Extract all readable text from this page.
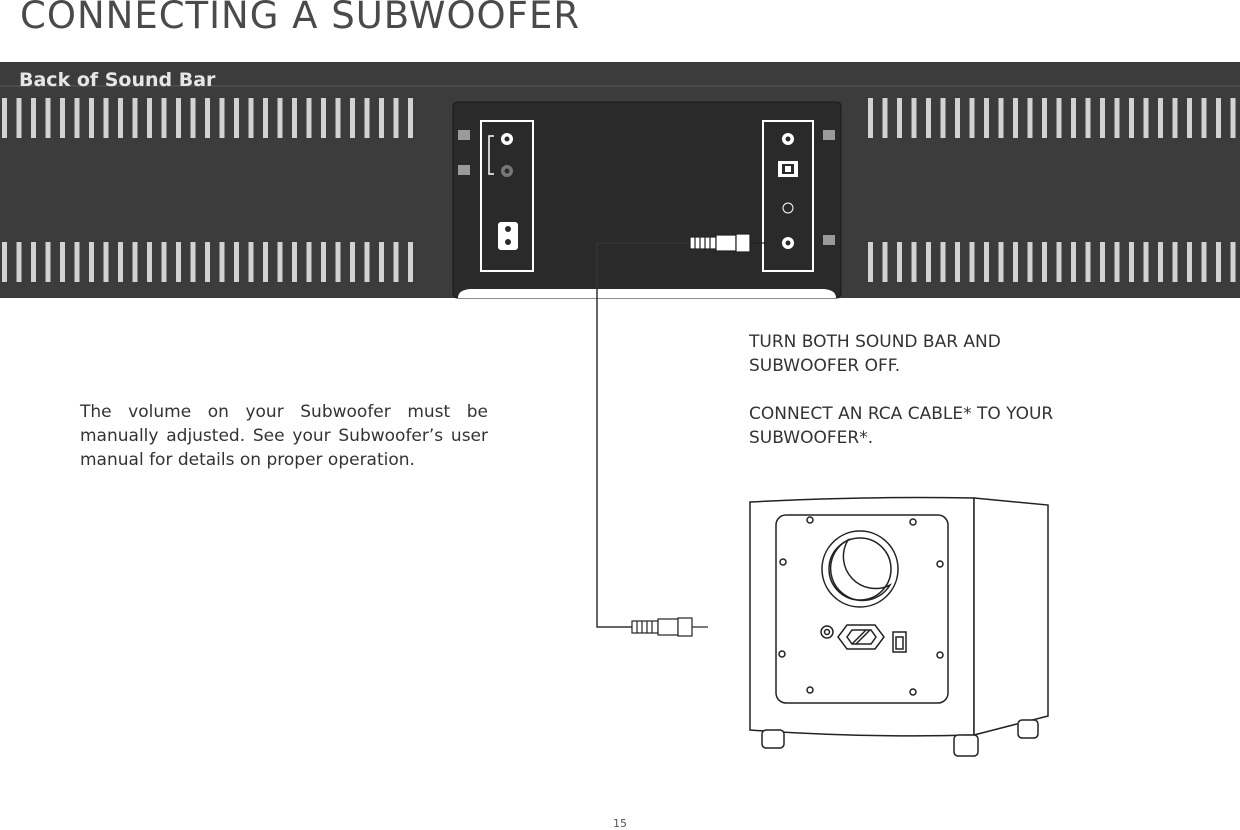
CONNECTING A SUBWOOFER
Back of Sound Bar

TURN BOTH SOUND BAR AND SUBWOOFER OFF.

CONNECT AN RCA CABLE* TO YOUR SUBWOOFER*.

The volume on your Subwoofer must be manually adjusted. See your Subwoofer’s user manual for details on proper operation.

15
